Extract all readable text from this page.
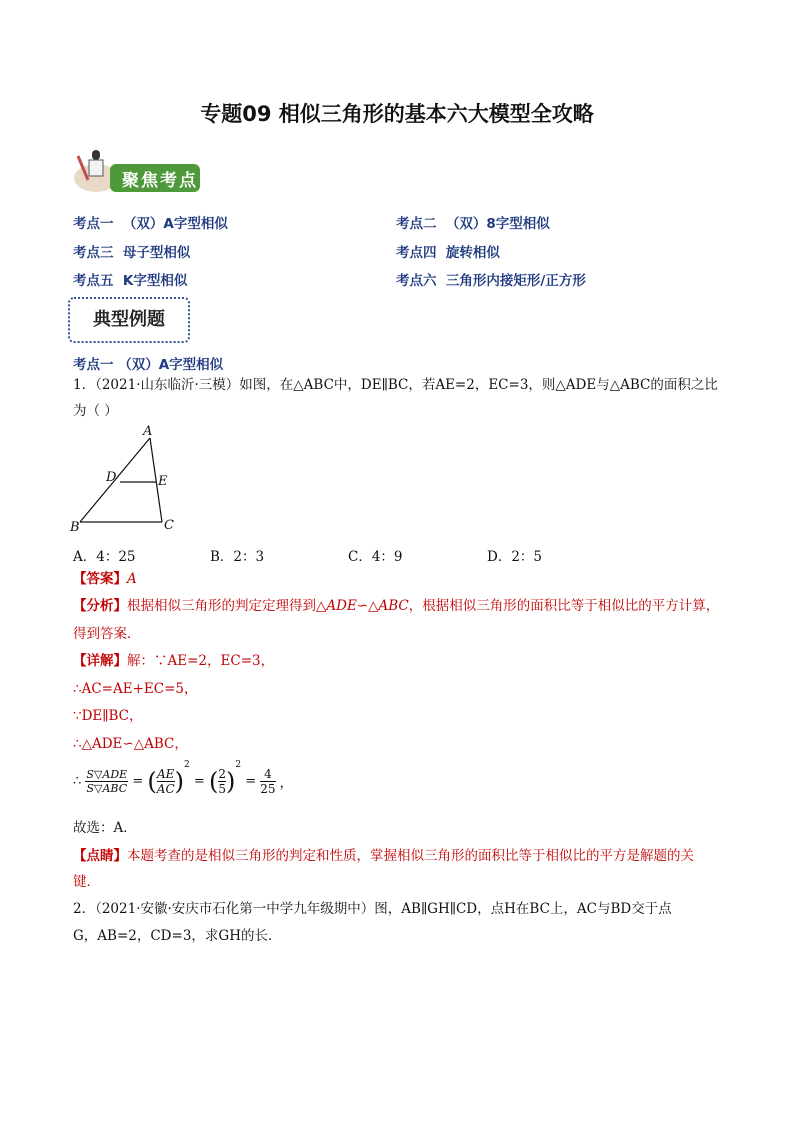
专题09 相似三角形的基本六大模型全攻略
聚焦考点
考点一 （双）A字型相似	考点二 （双）8字型相似
考点三 母子型相似	考点四 旋转相似
考点五 K字型相似	考点六 三角形内接矩形/正方形
典型例题
考点一 （双）A字型相似
1．（2021·山东临沂·三模）如图，在△ABC中，DE∥BC，若AE=2，EC=3，则△ADE与△ABC的面积之比
为（ ）
A
D	E
B	C
A．4：25	B．2：3	C．4：9	D．2：5
【答案】A
【分析】根据相似三角形的判定定理得到△ADE∽△ABC，根据相似三角形的面积比等于相似比的平方计算，
得到答案．
【详解】解：∵AE=2，EC=3，
∴AC=AE+EC=5，
∵DE∥BC，
∴△ADE∽△ABC，
∴ $\frac{\text{S▽ADE}}{\text{S▽ABC}}$ = ( $\frac{AE}{AC} )^2$ = ( $\frac{2}{5} )^2 = \frac{4}{25}$ ，
故选：A．
【点睛】本题考查的是相似三角形的判定和性质，掌握相似三角形的面积比等于相似比的平方是解题的关
键．
2．（2021·安徽·安庆市石化第一中学九年级期中）图，AB∥GH∥CD，点H在BC上，AC与BD交于点
G，AB=2，CD=3，求GH的长．
